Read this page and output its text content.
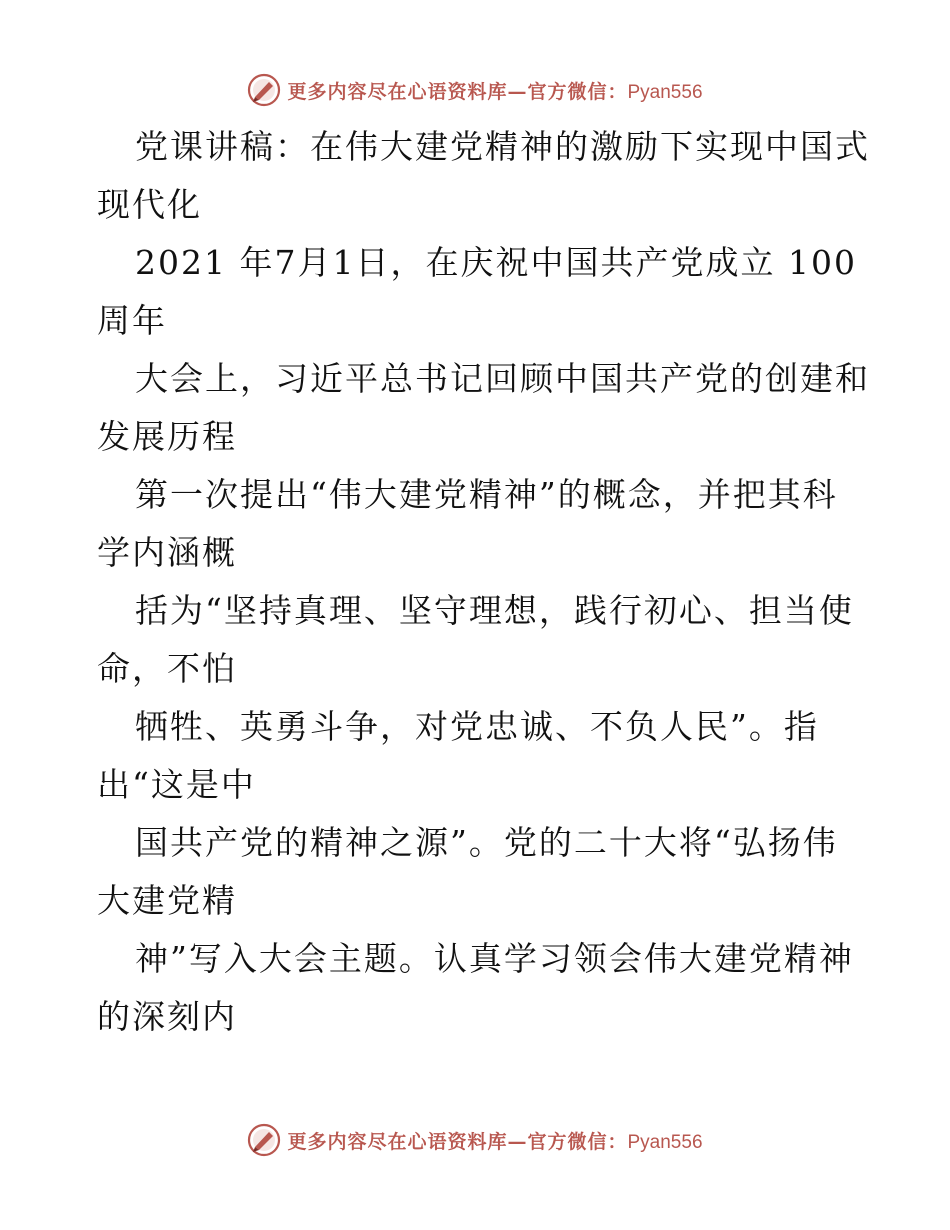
更多内容尽在心语资料库—官方微信：Pyan556
党课讲稿：在伟大建党精神的激励下实现中国式
现代化
2021 年7月1日，在庆祝中国共产党成立 100
周年
大会上，习近平总书记回顾中国共产党的创建和
发展历程
第一次提出“伟大建党精神”的概念，并把其科
学内涵概
括为“坚持真理、坚守理想，践行初心、担当使
命，不怕
牺牲、英勇斗争，对党忠诚、不负人民”。指
出“这是中
国共产党的精神之源”。党的二十大将“弘扬伟
大建党精
神”写入大会主题。认真学习领会伟大建党精神
的深刻内
更多内容尽在心语资料库—官方微信：Pyan556
